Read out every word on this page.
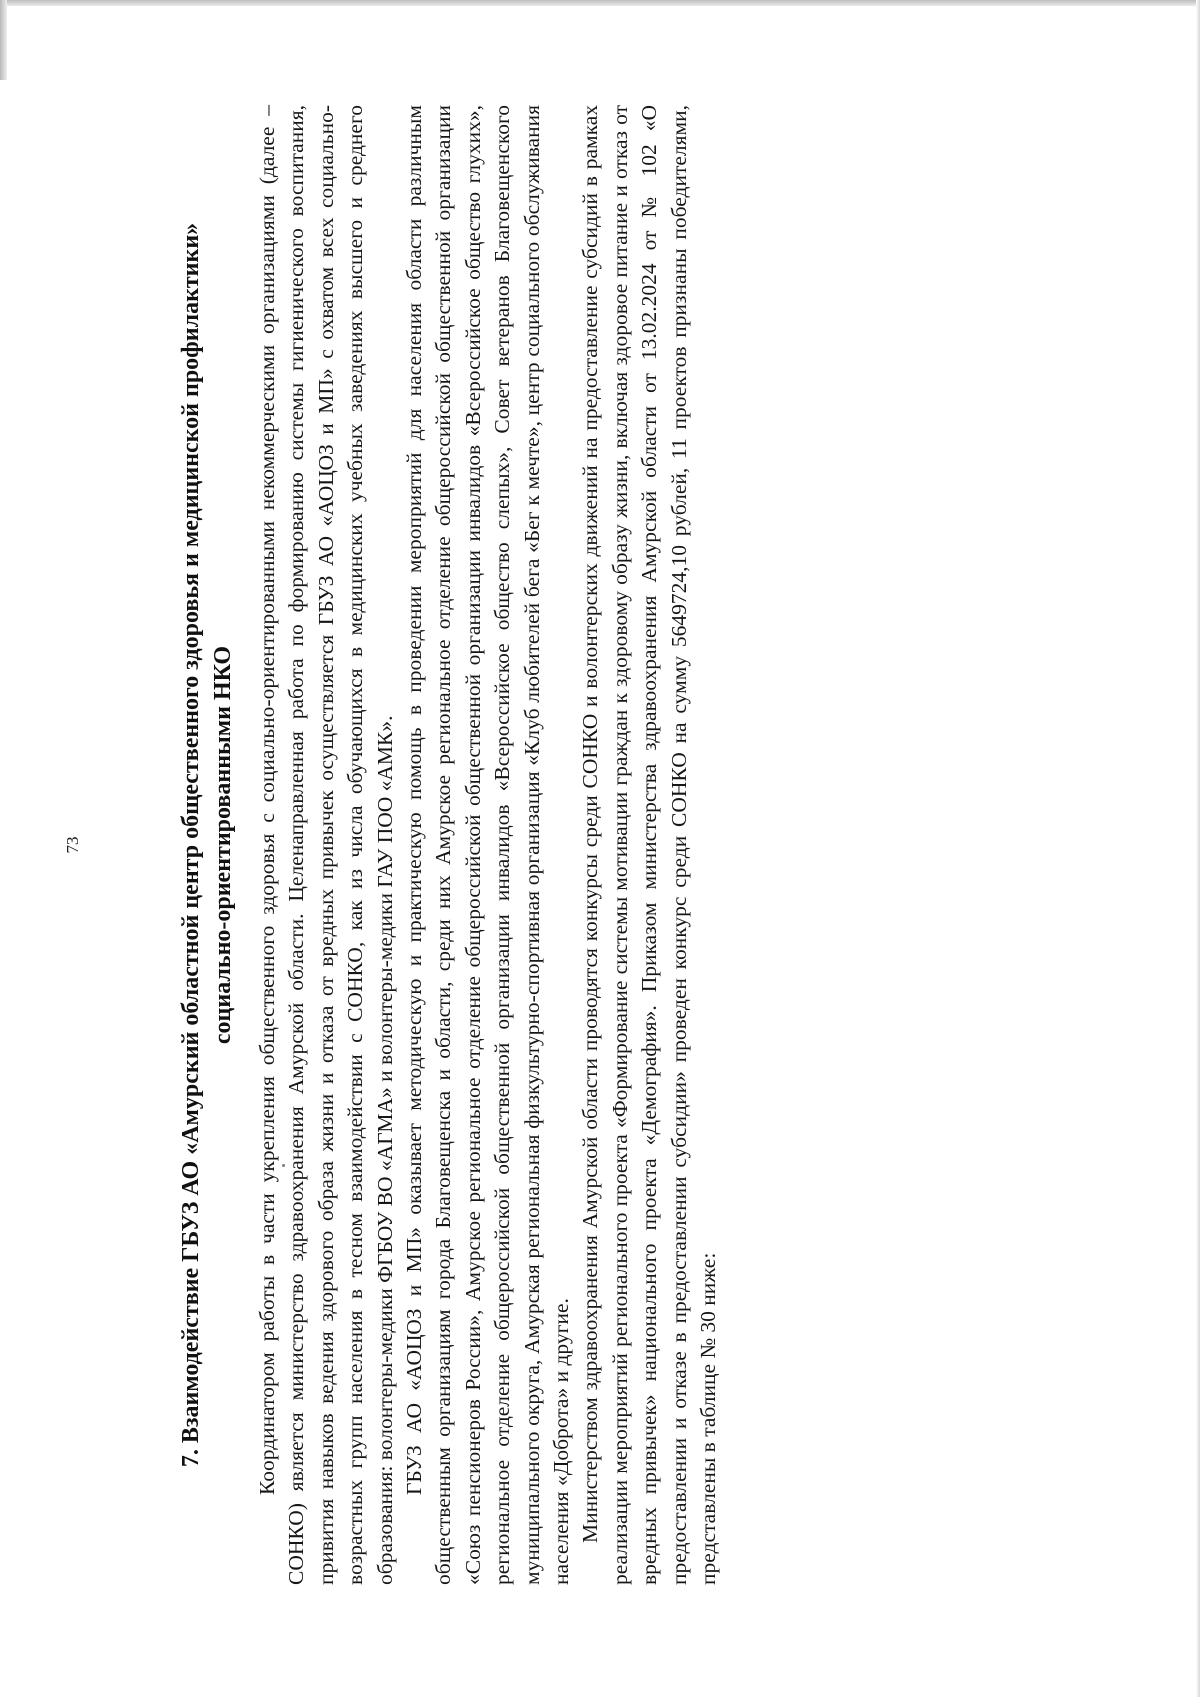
73	7. Взаимодействие ГБУЗ АО «Амурский областной центр общественного здоровья и медицинской профилактики» социально-ориентированными НКО Координатором работы в части укрепления общественного здоровья с социально-ориентированными некоммерческими организациями (далее – СОНКО) является министерство здравоохранения Амурской области. Целенаправленная работа по формированию системы гигиенического воспитания, привития навыков ведения здорового образа жизни и отказа от вредных привычек осуществляется ГБУЗ АО «АОЦОЗ и МП» с охватом всех социально-возрастных групп населения в тесном взаимодействии с СОНКО, как из числа обучающихся в медицинских учебных заведениях высшего и среднего образования: волонтеры-медики ФГБОУ ВО «АГМА» и волонтеры-медики ГАУ ПОО «АМК». ГБУЗ АО «АОЦОЗ и МП» оказывает методическую и практическую помощь в проведении мероприятий для населения области различным общественным организациям города Благовещенска и области, среди них Амурское региональное отделение общероссийской общественной организации «Союз пенсионеров России», Амурское региональное отделение общероссийской общественной организации инвалидов «Всероссийское общество глухих», региональное отделение общероссийской общественной организации инвалидов «Всероссийское общество слепых», Совет ветеранов Благовещенского муниципального округа, Амурская региональная физкультурно-спортивная организация «Клуб любителей бега «Бег к мечте», центр социального обслуживания населения «Доброта» и другие. Министерством здравоохранения Амурской области проводятся конкурсы среди СОНКО и волонтерских движений на предоставление субсидий в рамках реализации мероприятий регионального проекта «Формирование системы мотивации граждан к здоровому образу жизни, включая здоровое питание и отказ от вредных привычек» национального проекта «Демография». Приказом министерства здравоохранения Амурской области от 13.02.2024 от № 102 «О предоставлении и отказе в предоставлении субсидии» проведен конкурс среди СОНКО на сумму 5649724,10 рублей, 11 проектов признаны победителями, представлены в таблице № 30 ниже:
